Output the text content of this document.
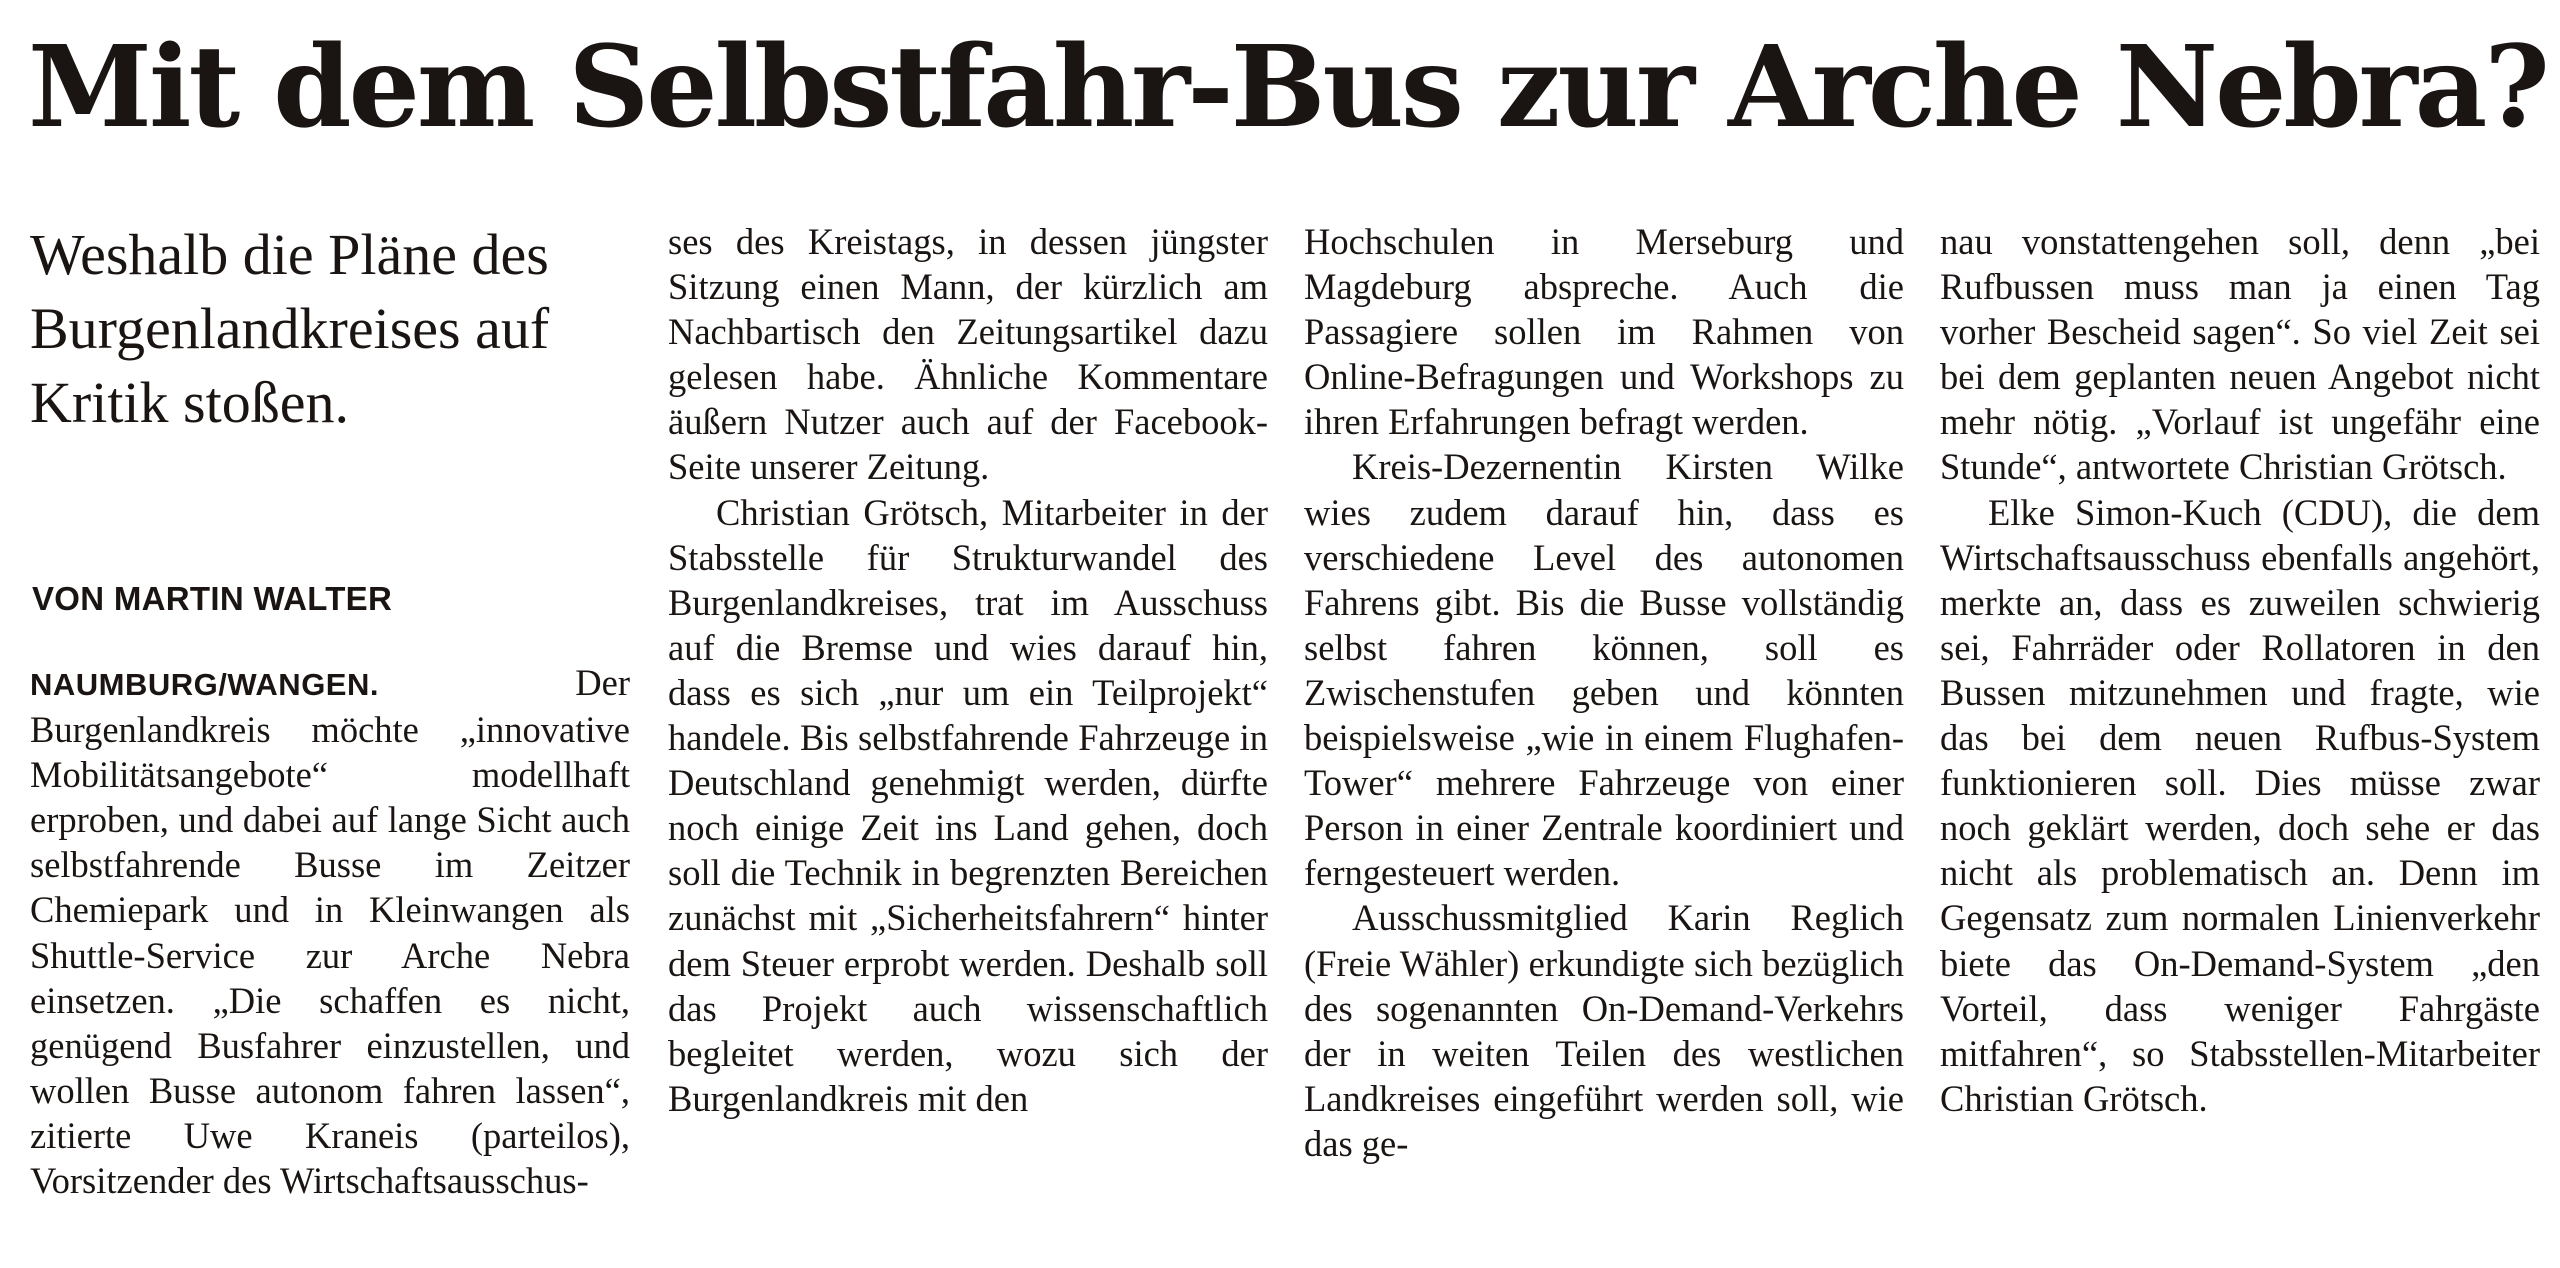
Mit dem Selbstfahr-Bus zur Arche Nebra?
Weshalb die Pläne des Burgenlandkreises auf Kritik stoßen.
VON MARTIN WALTER

NAUMBURG/WANGEN. Der Burgenlandkreis möchte „innovative Mobilitätsangebote“ modellhaft erproben, und dabei auf lange Sicht auch selbstfahrende Busse im Zeitzer Chemiepark und in Kleinwangen als Shuttle-Service zur Arche Nebra einsetzen. „Die schaffen es nicht, genügend Busfahrer einzustellen, und wollen Busse autonom fahren lassen“, zitierte Uwe Kraneis (parteilos), Vorsitzender des Wirtschaftsausschus-

ses des Kreistags, in dessen jüngster Sitzung einen Mann, der kürzlich am Nachbartisch den Zeitungsartikel dazu gelesen habe. Ähnliche Kommentare äußern Nutzer auch auf der Facebook-Seite unserer Zeitung.

Christian Grötsch, Mitarbeiter in der Stabsstelle für Strukturwandel des Burgenlandkreises, trat im Ausschuss auf die Bremse und wies darauf hin, dass es sich „nur um ein Teilprojekt“ handele. Bis selbstfahrende Fahrzeuge in Deutschland genehmigt werden, dürfte noch einige Zeit ins Land gehen, doch soll die Technik in begrenzten Bereichen zunächst mit „Sicherheitsfahrern“ hinter dem Steuer erprobt werden. Deshalb soll das Projekt auch wissenschaftlich begleitet werden, wozu sich der Burgenlandkreis mit den

Hochschulen in Merseburg und Magdeburg abspreche. Auch die Passagiere sollen im Rahmen von Online-Befragungen und Workshops zu ihren Erfahrungen befragt werden.

Kreis-Dezernentin Kirsten Wilke wies zudem darauf hin, dass es verschiedene Level des autonomen Fahrens gibt. Bis die Busse vollständig selbst fahren können, soll es Zwischenstufen geben und könnten beispielsweise „wie in einem Flughafen-Tower“ mehrere Fahrzeuge von einer Person in einer Zentrale koordiniert und ferngesteuert werden.

Ausschussmitglied Karin Reglich (Freie Wähler) erkundigte sich bezüglich des sogenannten On-Demand-Verkehrs der in weiten Teilen des westlichen Landkreises eingeführt werden soll, wie das ge-

nau vonstattengehen soll, denn „bei Rufbussen muss man ja einen Tag vorher Bescheid sagen“. So viel Zeit sei bei dem geplanten neuen Angebot nicht mehr nötig. „Vorlauf ist ungefähr eine Stunde“, antwortete Christian Grötsch.

Elke Simon-Kuch (CDU), die dem Wirtschaftsausschuss ebenfalls angehört, merkte an, dass es zuweilen schwierig sei, Fahrräder oder Rollatoren in den Bussen mitzunehmen und fragte, wie das bei dem neuen Rufbus-System funktionieren soll. Dies müsse zwar noch geklärt werden, doch sehe er das nicht als problematisch an. Denn im Gegensatz zum normalen Linienverkehr biete das On-Demand-System „den Vorteil, dass weniger Fahrgäste mitfahren“, so Stabsstellen-Mitarbeiter Christian Grötsch.
